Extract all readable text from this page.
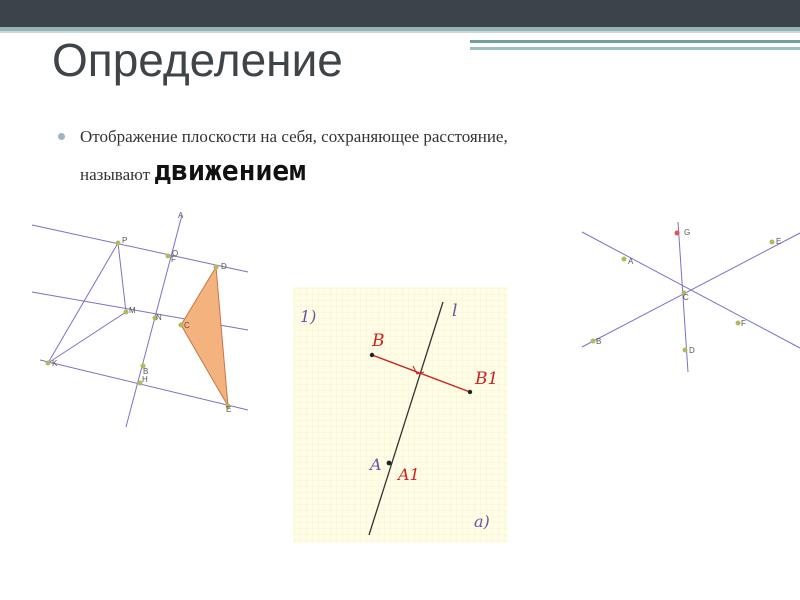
Определение
Отображение плоскости на себя, сохраняющее расстояние,
называют движением
A
P
O
F
D
M
N
C
K
B
H
E
1)	l
B
B1
A
A1
a)
G
E
A
C
F
B
D
